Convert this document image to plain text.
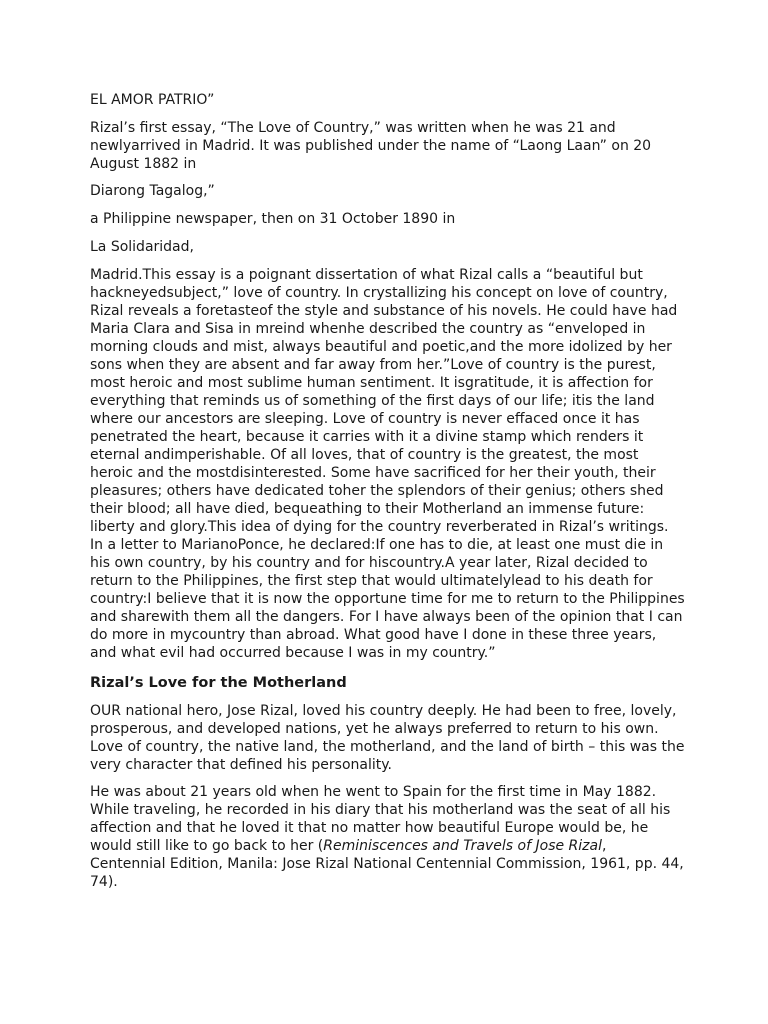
EL AMOR PATRIO”
Rizal’s first essay, “The Love of Country,” was written when he was 21 and
newlyarrived in Madrid. It was published under the name of “Laong Laan” on 20
August 1882 in
Diarong Tagalog,”
a Philippine newspaper, then on 31 October 1890 in
La Solidaridad,
Madrid.This essay is a poignant dissertation of what Rizal calls a “beautiful but
hackneyedsubject,” love of country. In crystallizing his concept on love of country,
Rizal reveals a foretasteof the style and substance of his novels. He could have had
Maria Clara and Sisa in mreind whenhe described the country as “enveloped in
morning clouds and mist, always beautiful and poetic,and the more idolized by her
sons when they are absent and far away from her.”Love of country is the purest,
most heroic and most sublime human sentiment. It isgratitude, it is affection for
everything that reminds us of something of the first days of our life; itis the land
where our ancestors are sleeping. Love of country is never effaced once it has
penetrated the heart, because it carries with it a divine stamp which renders it
eternal andimperishable. Of all loves, that of country is the greatest, the most
heroic and the mostdisinterested. Some have sacrificed for her their youth, their
pleasures; others have dedicated toher the splendors of their genius; others shed
their blood; all have died, bequeathing to their Motherland an immense future:
liberty and glory.This idea of dying for the country reverberated in Rizal’s writings.
In a letter to MarianoPonce, he declared:If one has to die, at least one must die in
his own country, by his country and for hiscountry.A year later, Rizal decided to
return to the Philippines, the first step that would ultimatelylead to his death for
country:I believe that it is now the opportune time for me to return to the Philippines
and sharewith them all the dangers. For I have always been of the opinion that I can
do more in mycountry than abroad. What good have I done in these three years,
and what evil had occurred because I was in my country.”
Rizal’s Love for the Motherland
OUR national hero, Jose Rizal, loved his country deeply. He had been to free, lovely,
prosperous, and developed nations, yet he always preferred to return to his own.
Love of country, the native land, the motherland, and the land of birth – this was the
very character that defined his personality.
He was about 21 years old when he went to Spain for the first time in May 1882.
While traveling, he recorded in his diary that his motherland was the seat of all his
affection and that he loved it that no matter how beautiful Europe would be, he
would still like to go back to her (Reminiscences and Travels of Jose Rizal,
Centennial Edition, Manila: Jose Rizal National Centennial Commission, 1961, pp. 44,
74).
